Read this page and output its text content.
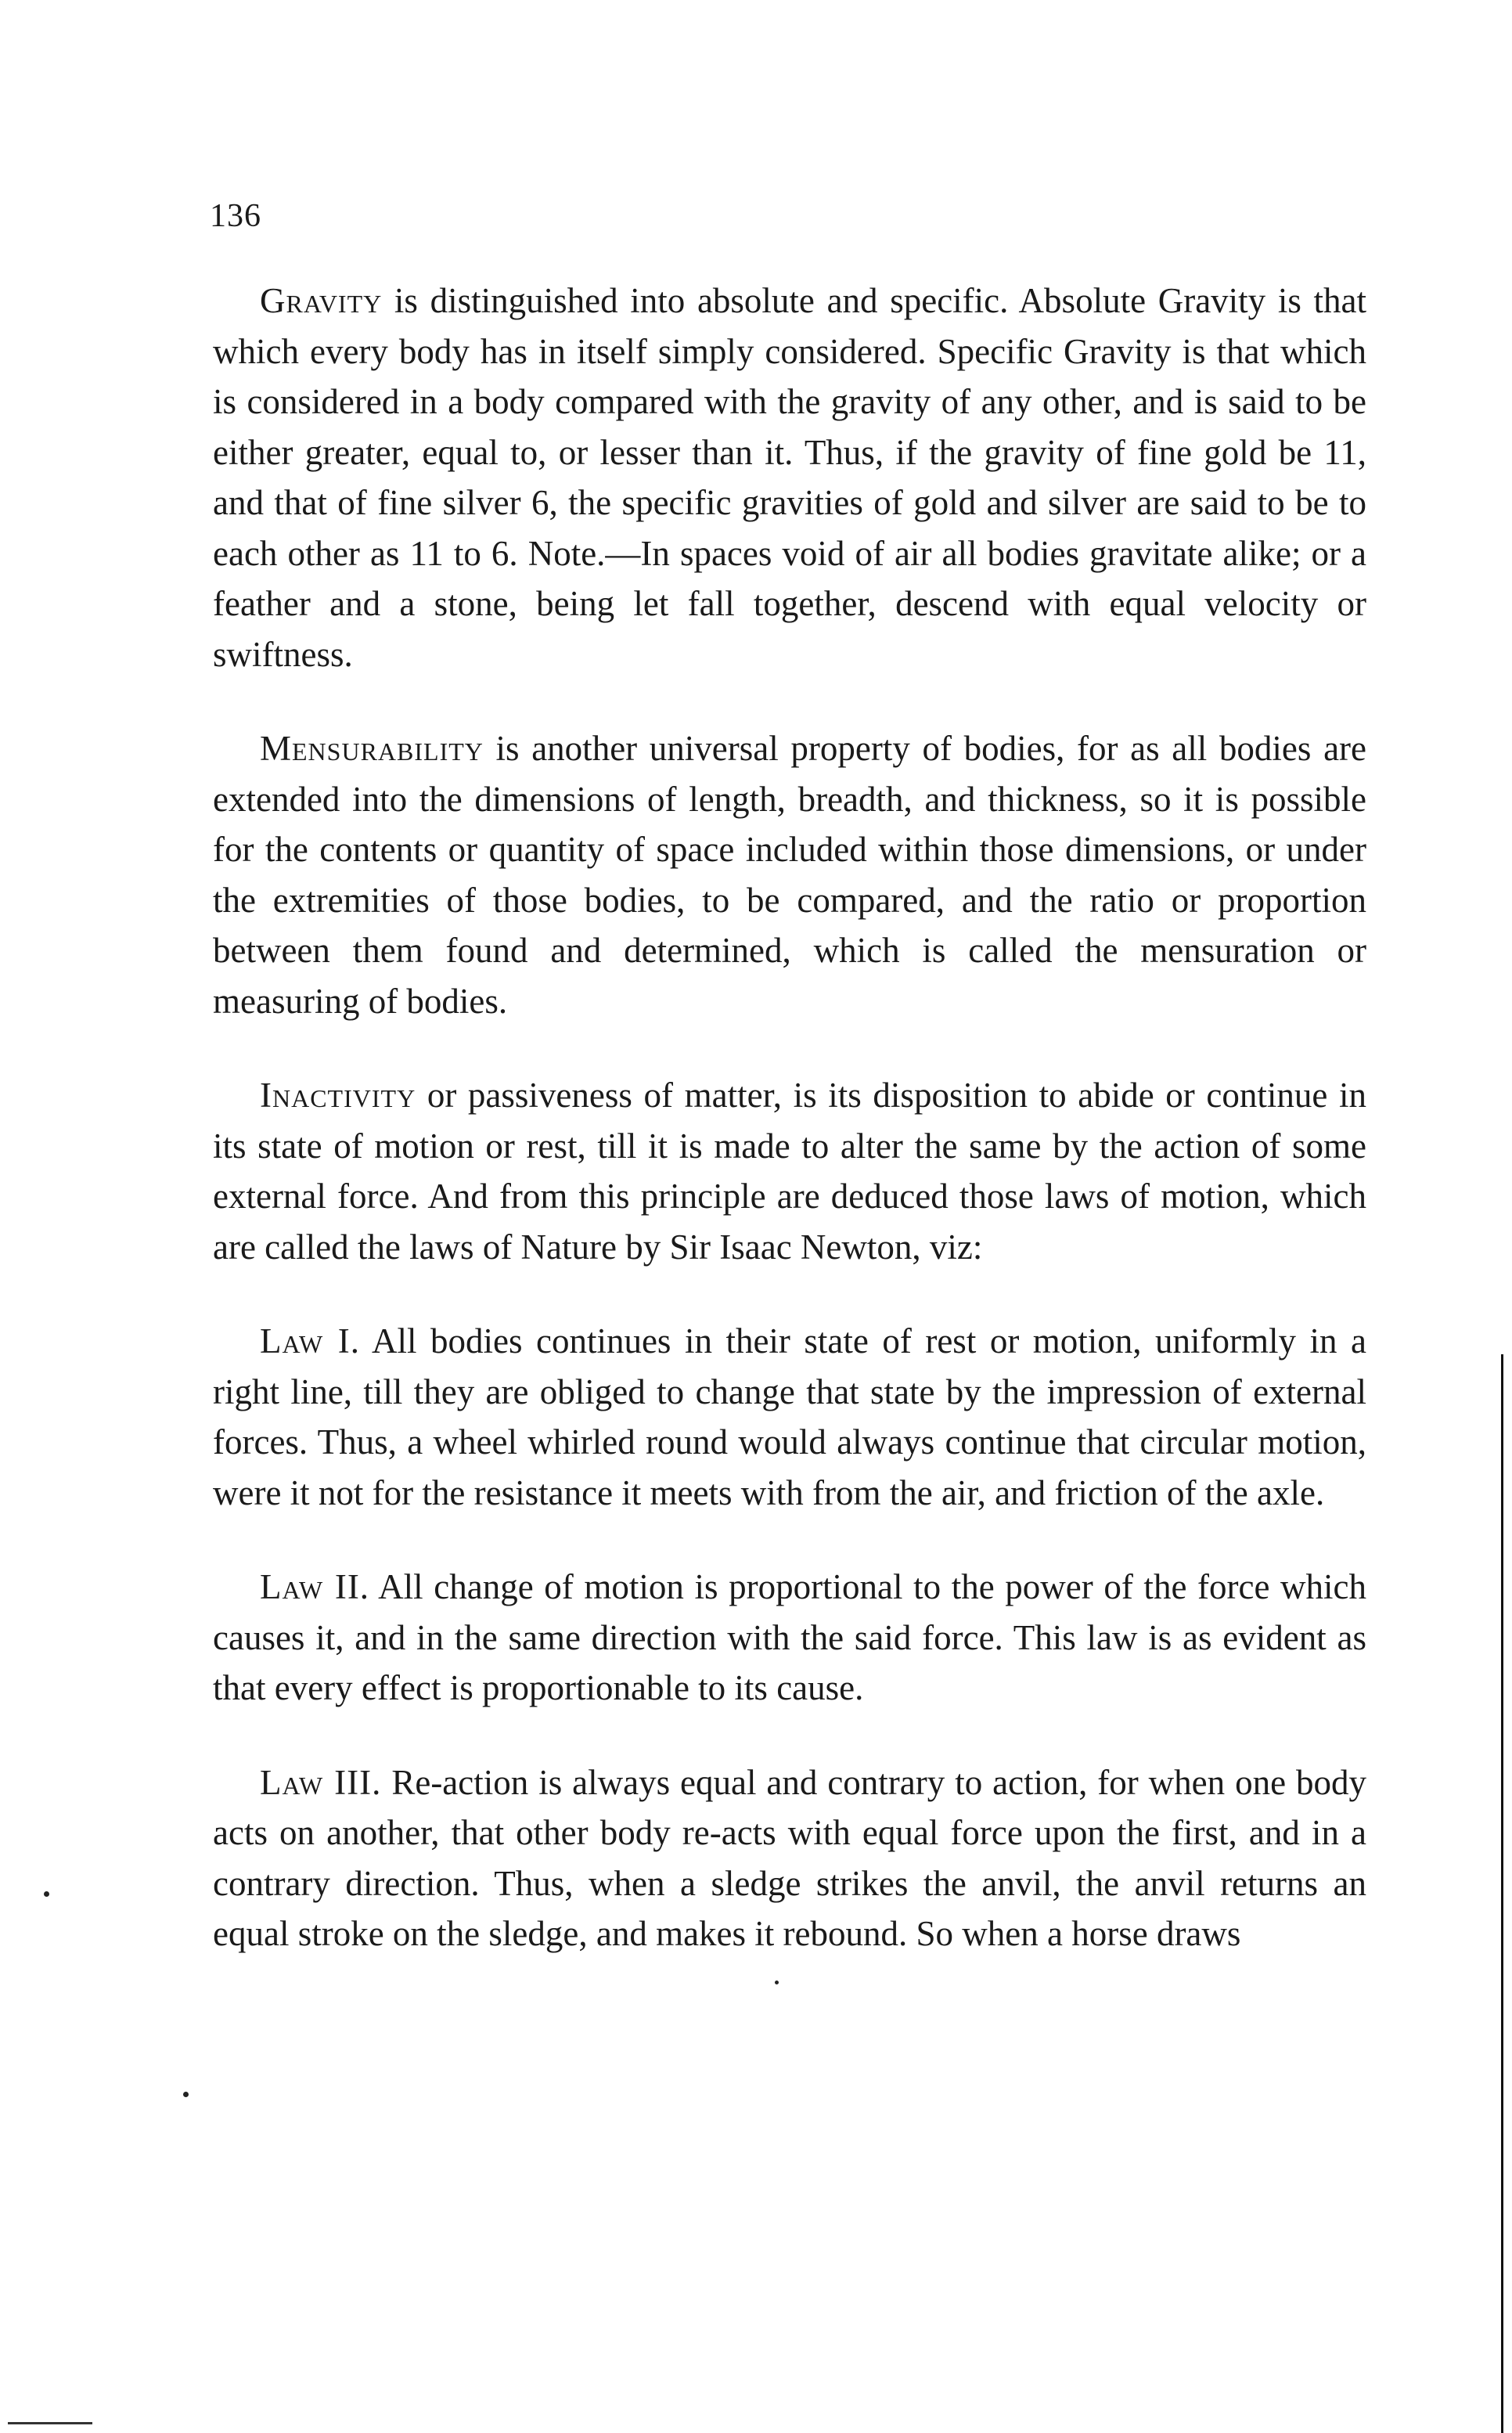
136

Gravity is distinguished into absolute and specific. Absolute Gravity is that which every body has in itself simply considered. Specific Gravity is that which is considered in a body compared with the gravity of any other, and is said to be either greater, equal to, or lesser than it. Thus, if the gravity of fine gold be 11, and that of fine silver 6, the specific gravities of gold and silver are said to be to each other as 11 to 6. Note.—In spaces void of air all bodies gravitate alike; or a feather and a stone, being let fall together, descend with equal velocity or swiftness.

Mensurability is another universal property of bodies, for as all bodies are extended into the dimensions of length, breadth, and thickness, so it is possible for the contents or quantity of space included within those dimensions, or under the extremities of those bodies, to be compared, and the ratio or proportion between them found and determined, which is called the mensuration or measuring of bodies.

Inactivity or passiveness of matter, is its disposition to abide or continue in its state of motion or rest, till it is made to alter the same by the action of some external force. And from this principle are deduced those laws of motion, which are called the laws of Nature by Sir Isaac Newton, viz:

Law I. All bodies continues in their state of rest or motion, uniformly in a right line, till they are obliged to change that state by the impression of external forces. Thus, a wheel whirled round would always continue that circular motion, were it not for the resistance it meets with from the air, and friction of the axle.

Law II. All change of motion is proportional to the power of the force which causes it, and in the same direction with the said force. This law is as evident as that every effect is proportionable to its cause.

Law III. Re-action is always equal and contrary to action, for when one body acts on another, that other body re-acts with equal force upon the first, and in a contrary direction. Thus, when a sledge strikes the anvil, the anvil returns an equal stroke on the sledge, and makes it rebound. So when a horse draws
